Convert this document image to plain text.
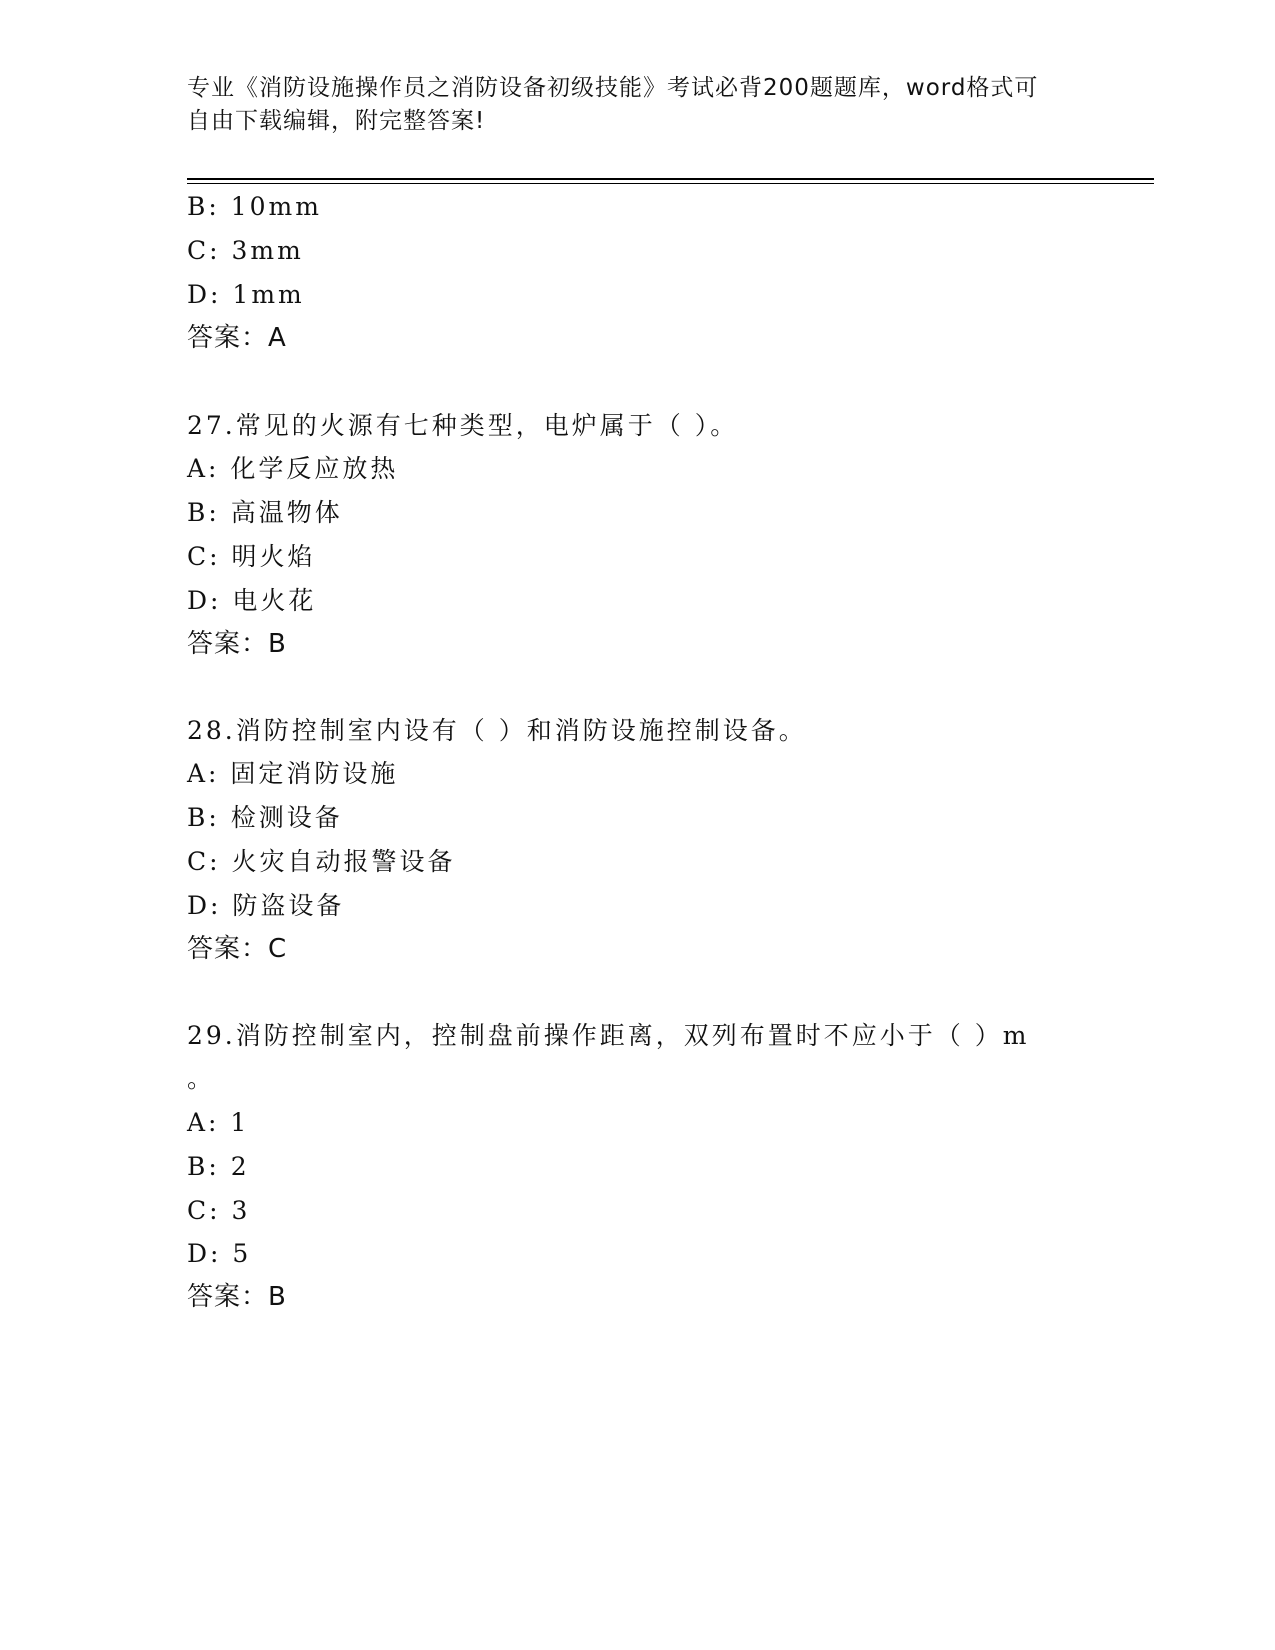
专业《消防设施操作员之消防设备初级技能》考试必背200题题库，word格式可
自由下载编辑，附完整答案!
B: 10mm
C: 3mm
D: 1mm
答案：A
27.常见的火源有七种类型，电炉属于（ ）。
A: 化学反应放热
B: 高温物体
C: 明火焰
D: 电火花
答案：B
28.消防控制室内设有（ ）和消防设施控制设备。
A: 固定消防设施
B: 检测设备
C: 火灾自动报警设备
D: 防盗设备
答案：C
29.消防控制室内，控制盘前操作距离，双列布置时不应小于（ ）m
。
A: 1
B: 2
C: 3
D: 5
答案：B
